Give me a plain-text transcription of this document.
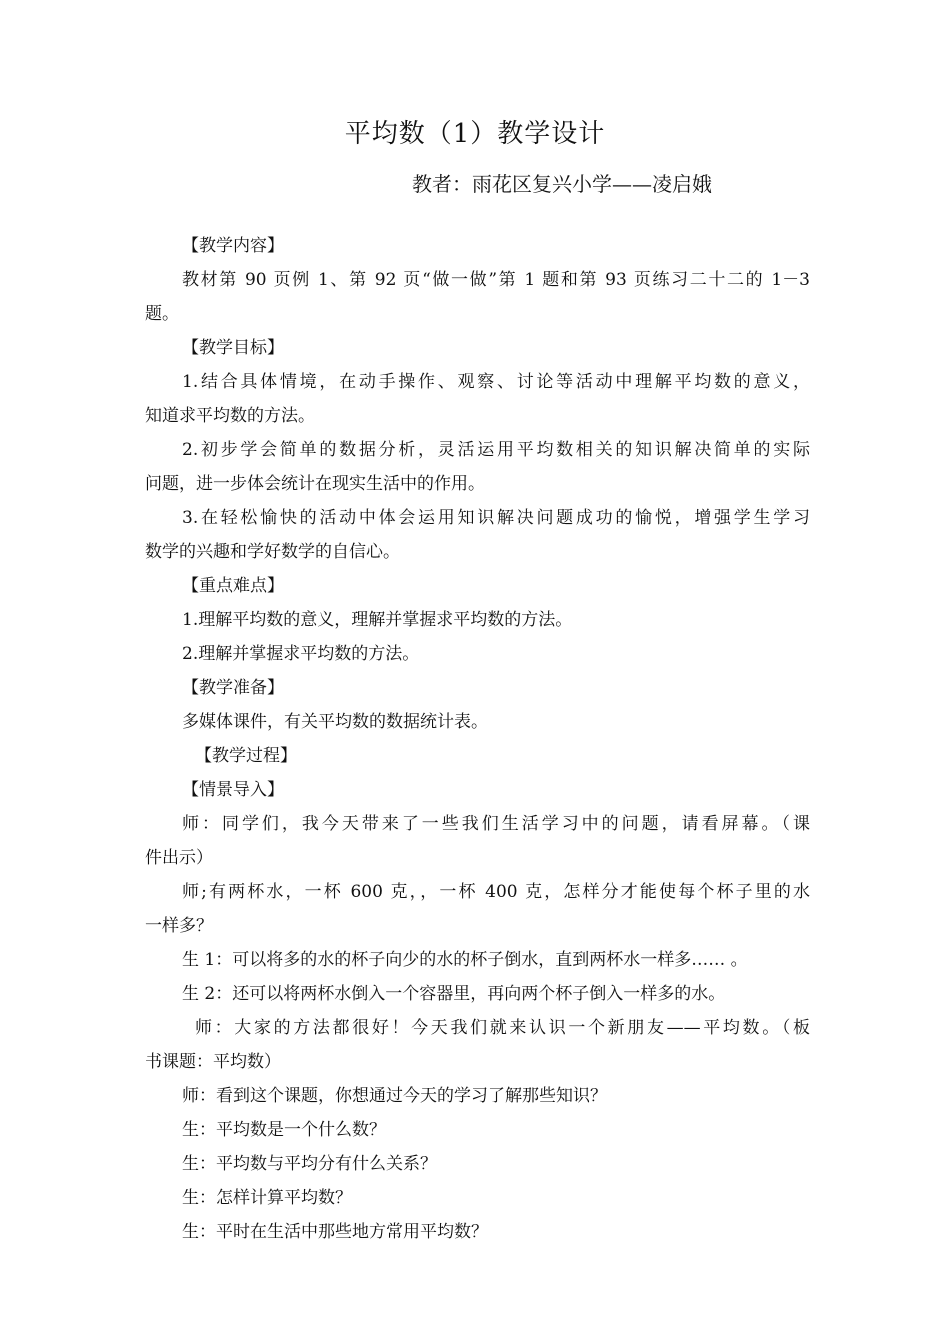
平均数（1）教学设计
教者：雨花区复兴小学——凌启娥

【教学内容】

教材第 90 页例 1、第 92 页“做一做”第 1 题和第 93 页练习二十二的 1－3

题。

【教学目标】

1.结合具体情境，在动手操作、观察、讨论等活动中理解平均数的意义，

知道求平均数的方法。

2.初步学会简单的数据分析，灵活运用平均数相关的知识解决简单的实际

问题，进一步体会统计在现实生活中的作用。

3.在轻松愉快的活动中体会运用知识解决问题成功的愉悦，增强学生学习

数学的兴趣和学好数学的自信心。

【重点难点】

1.理解平均数的意义，理解并掌握求平均数的方法。

2.理解并掌握求平均数的方法。

【教学准备】

多媒体课件，有关平均数的数据统计表。

【教学过程】

【情景导入】

师：同学们，我今天带来了一些我们生活学习中的问题，请看屏幕。（课

件出示）

师;有两杯水，一杯 600 克，，一杯 400 克，怎样分才能使每个杯子里的水

一样多？

生 1：可以将多的水的杯子向少的水的杯子倒水，直到两杯水一样多…… 。

生 2：还可以将两杯水倒入一个容器里，再向两个杯子倒入一样多的水。

师：大家的方法都很好！今天我们就来认识一个新朋友——平均数。（板

书课题：平均数）

师：看到这个课题，你想通过今天的学习了解那些知识？

生：平均数是一个什么数？

生：平均数与平均分有什么关系？

生：怎样计算平均数？

生：平时在生活中那些地方常用平均数？
